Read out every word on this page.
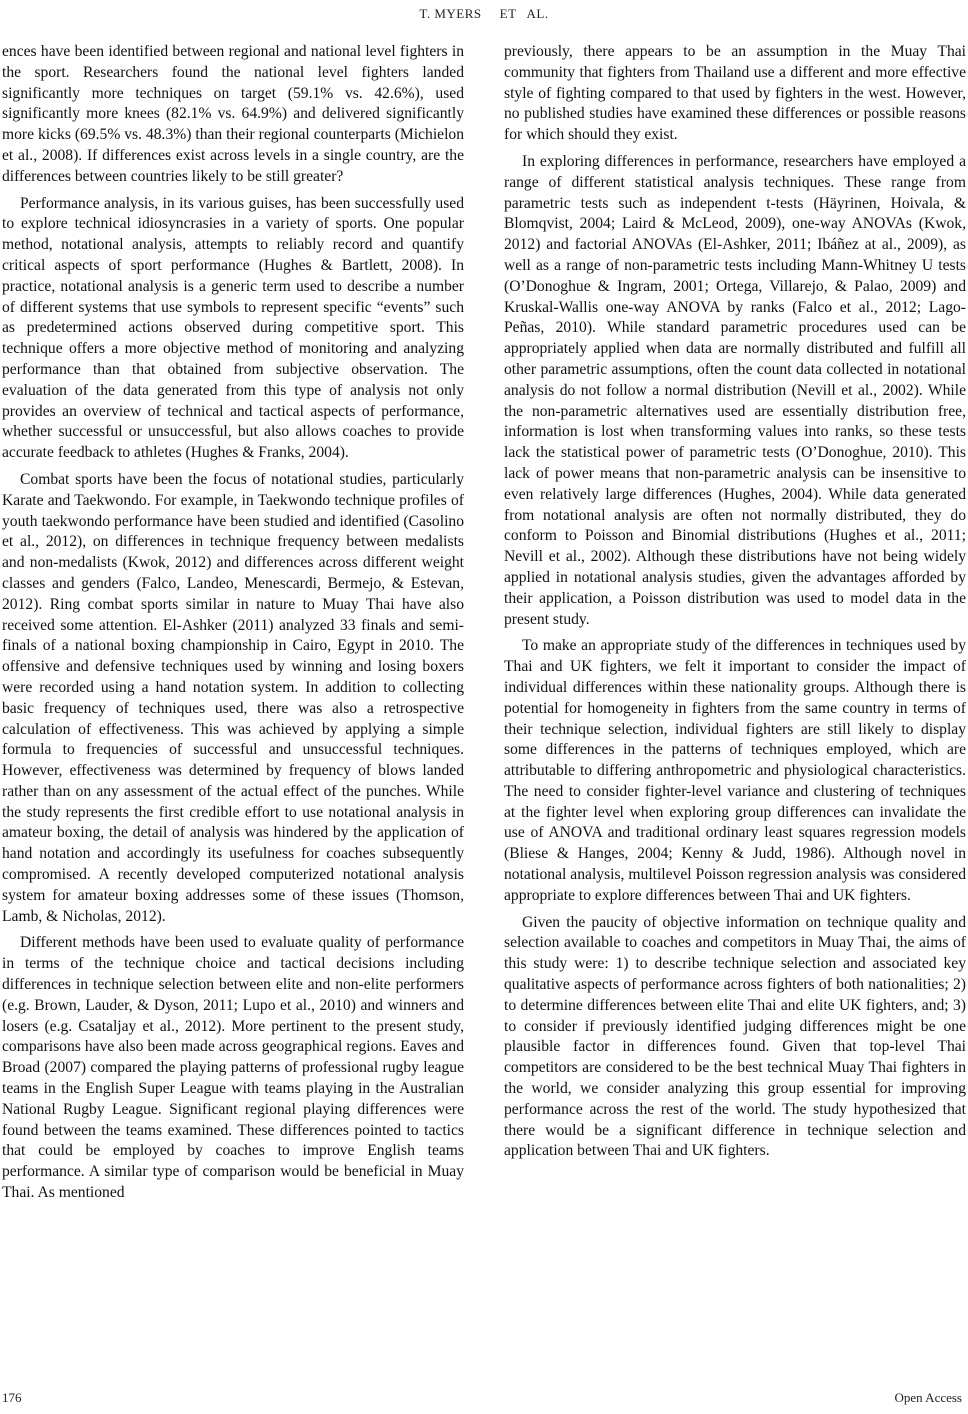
T. MYERS ET AL.

ences have been identified between regional and national level fighters in the sport. Researchers found the national level fighters landed significantly more techniques on target (59.1% vs. 42.6%), used significantly more knees (82.1% vs. 64.9%) and delivered significantly more kicks (69.5% vs. 48.3%) than their regional counterparts (Michielon et al., 2008). If differences exist across levels in a single country, are the differences between countries likely to be still greater?

Performance analysis, in its various guises, has been successfully used to explore technical idiosyncrasies in a variety of sports. One popular method, notational analysis, attempts to reliably record and quantify critical aspects of sport performance (Hughes & Bartlett, 2008). In practice, notational analysis is a generic term used to describe a number of different systems that use symbols to represent specific “events” such as predetermined actions observed during competitive sport. This technique offers a more objective method of monitoring and analyzing performance than that obtained from subjective observation. The evaluation of the data generated from this type of analysis not only provides an overview of technical and tactical aspects of performance, whether successful or unsuccessful, but also allows coaches to provide accurate feedback to athletes (Hughes & Franks, 2004).

Combat sports have been the focus of notational studies, particularly Karate and Taekwondo. For example, in Taekwondo technique profiles of youth taekwondo performance have been studied and identified (Casolino et al., 2012), on differences in technique frequency between medalists and non-medalists (Kwok, 2012) and differences across different weight classes and genders (Falco, Landeo, Menescardi, Bermejo, & Estevan, 2012). Ring combat sports similar in nature to Muay Thai have also received some attention. El-Ashker (2011) analyzed 33 finals and semi-finals of a national boxing championship in Cairo, Egypt in 2010. The offensive and defensive techniques used by winning and losing boxers were recorded using a hand notation system. In addition to collecting basic frequency of techniques used, there was also a retrospective calculation of effectiveness. This was achieved by applying a simple formula to frequencies of successful and unsuccessful techniques. However, effectiveness was determined by frequency of blows landed rather than on any assessment of the actual effect of the punches. While the study represents the first credible effort to use notational analysis in amateur boxing, the detail of analysis was hindered by the application of hand notation and accordingly its usefulness for coaches subsequently compromised. A recently developed computerized notational analysis system for amateur boxing addresses some of these issues (Thomson, Lamb, & Nicholas, 2012).

Different methods have been used to evaluate quality of performance in terms of the technique choice and tactical decisions including differences in technique selection between elite and non-elite performers (e.g. Brown, Lauder, & Dyson, 2011; Lupo et al., 2010) and winners and losers (e.g. Csataljay et al., 2012). More pertinent to the present study, comparisons have also been made across geographical regions. Eaves and Broad (2007) compared the playing patterns of professional rugby league teams in the English Super League with teams playing in the Australian National Rugby League. Significant regional playing differences were found between the teams examined. These differences pointed to tactics that could be employed by coaches to improve English teams performance. A similar type of comparison would be beneficial in Muay Thai. As mentioned

previously, there appears to be an assumption in the Muay Thai community that fighters from Thailand use a different and more effective style of fighting compared to that used by fighters in the west. However, no published studies have examined these differences or possible reasons for which should they exist.

In exploring differences in performance, researchers have employed a range of different statistical analysis techniques. These range from parametric tests such as independent t-tests (Häyrinen, Hoivala, & Blomqvist, 2004; Laird & McLeod, 2009), one-way ANOVAs (Kwok, 2012) and factorial ANOVAs (El-Ashker, 2011; Ibáñez at al., 2009), as well as a range of non-parametric tests including Mann-Whitney U tests (O’Donoghue & Ingram, 2001; Ortega, Villarejo, & Palao, 2009) and Kruskal-Wallis one-way ANOVA by ranks (Falco et al., 2012; Lago-Peñas, 2010). While standard parametric procedures used can be appropriately applied when data are normally distributed and fulfill all other parametric assumptions, often the count data collected in notational analysis do not follow a normal distribution (Nevill et al., 2002). While the non-parametric alternatives used are essentially distribution free, information is lost when transforming values into ranks, so these tests lack the statistical power of parametric tests (O’Donoghue, 2010). This lack of power means that non-parametric analysis can be insensitive to even relatively large differences (Hughes, 2004). While data generated from notational analysis are often not normally distributed, they do conform to Poisson and Binomial distributions (Hughes et al., 2011; Nevill et al., 2002). Although these distributions have not being widely applied in notational analysis studies, given the advantages afforded by their application, a Poisson distribution was used to model data in the present study.

To make an appropriate study of the differences in techniques used by Thai and UK fighters, we felt it important to consider the impact of individual differences within these nationality groups. Although there is potential for homogeneity in fighters from the same country in terms of their technique selection, individual fighters are still likely to display some differences in the patterns of techniques employed, which are attributable to differing anthropometric and physiological characteristics. The need to consider fighter-level variance and clustering of techniques at the fighter level when exploring group differences can invalidate the use of ANOVA and traditional ordinary least squares regression models (Bliese & Hanges, 2004; Kenny & Judd, 1986). Although novel in notational analysis, multilevel Poisson regression analysis was considered appropriate to explore differences between Thai and UK fighters.

Given the paucity of objective information on technique quality and selection available to coaches and competitors in Muay Thai, the aims of this study were: 1) to describe technique selection and associated key qualitative aspects of performance across fighters of both nationalities; 2) to determine differences between elite Thai and elite UK fighters, and; 3) to consider if previously identified judging differences might be one plausible factor in differences found. Given that top-level Thai competitors are considered to be the best technical Muay Thai fighters in the world, we consider analyzing this group essential for improving performance across the rest of the world. The study hypothesized that there would be a significant difference in technique selection and application between Thai and UK fighters.

176	Open Access
